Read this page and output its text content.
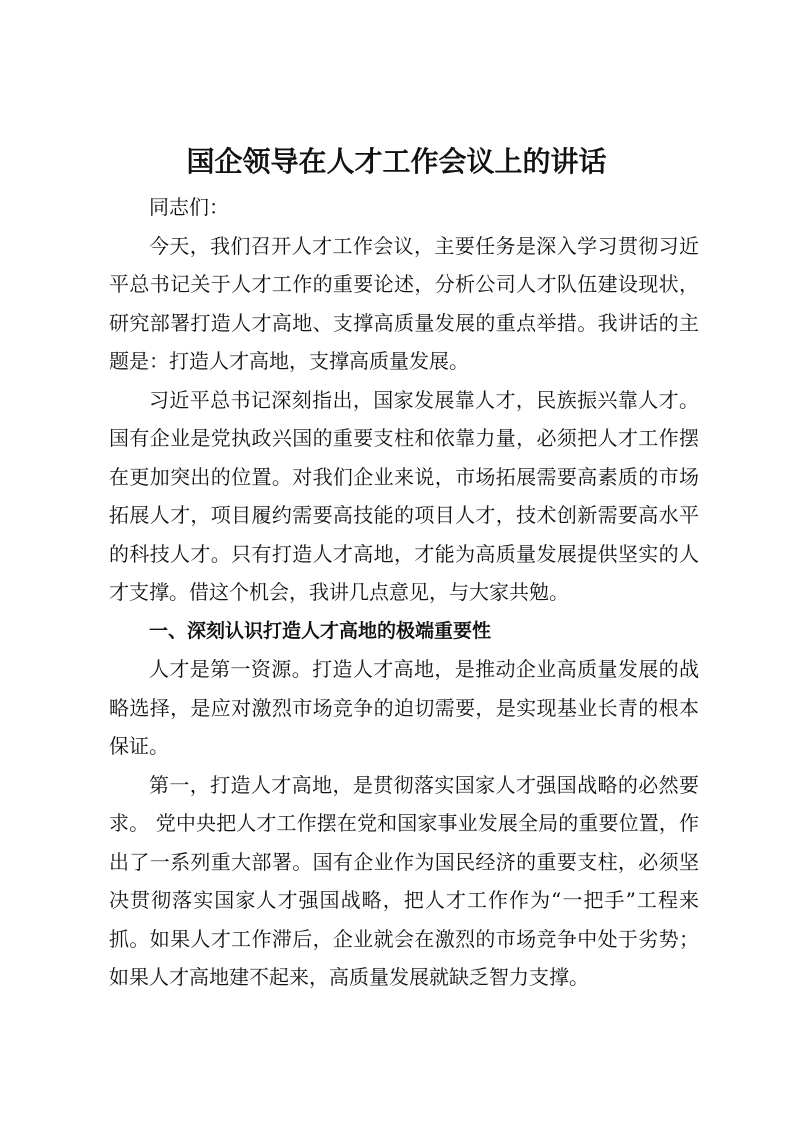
国企领导在人才工作会议上的讲话

同志们：

今天，我们召开人才工作会议，主要任务是深入学习贯彻习近平总书记关于人才工作的重要论述，分析公司人才队伍建设现状，研究部署打造人才高地、支撑高质量发展的重点举措。我讲话的主题是：打造人才高地，支撑高质量发展。

习近平总书记深刻指出，国家发展靠人才，民族振兴靠人才。国有企业是党执政兴国的重要支柱和依靠力量，必须把人才工作摆在更加突出的位置。对我们企业来说，市场拓展需要高素质的市场拓展人才，项目履约需要高技能的项目人才，技术创新需要高水平的科技人才。只有打造人才高地，才能为高质量发展提供坚实的人才支撑。借这个机会，我讲几点意见，与大家共勉。

一、深刻认识打造人才高地的极端重要性

人才是第一资源。打造人才高地，是推动企业高质量发展的战略选择，是应对激烈市场竞争的迫切需要，是实现基业长青的根本保证。

第一，打造人才高地，是贯彻落实国家人才强国战略的必然要求。 党中央把人才工作摆在党和国家事业发展全局的重要位置，作出了一系列重大部署。国有企业作为国民经济的重要支柱，必须坚决贯彻落实国家人才强国战略，把人才工作作为“一把手”工程来抓。如果人才工作滞后，企业就会在激烈的市场竞争中处于劣势；如果人才高地建不起来，高质量发展就缺乏智力支撑。
